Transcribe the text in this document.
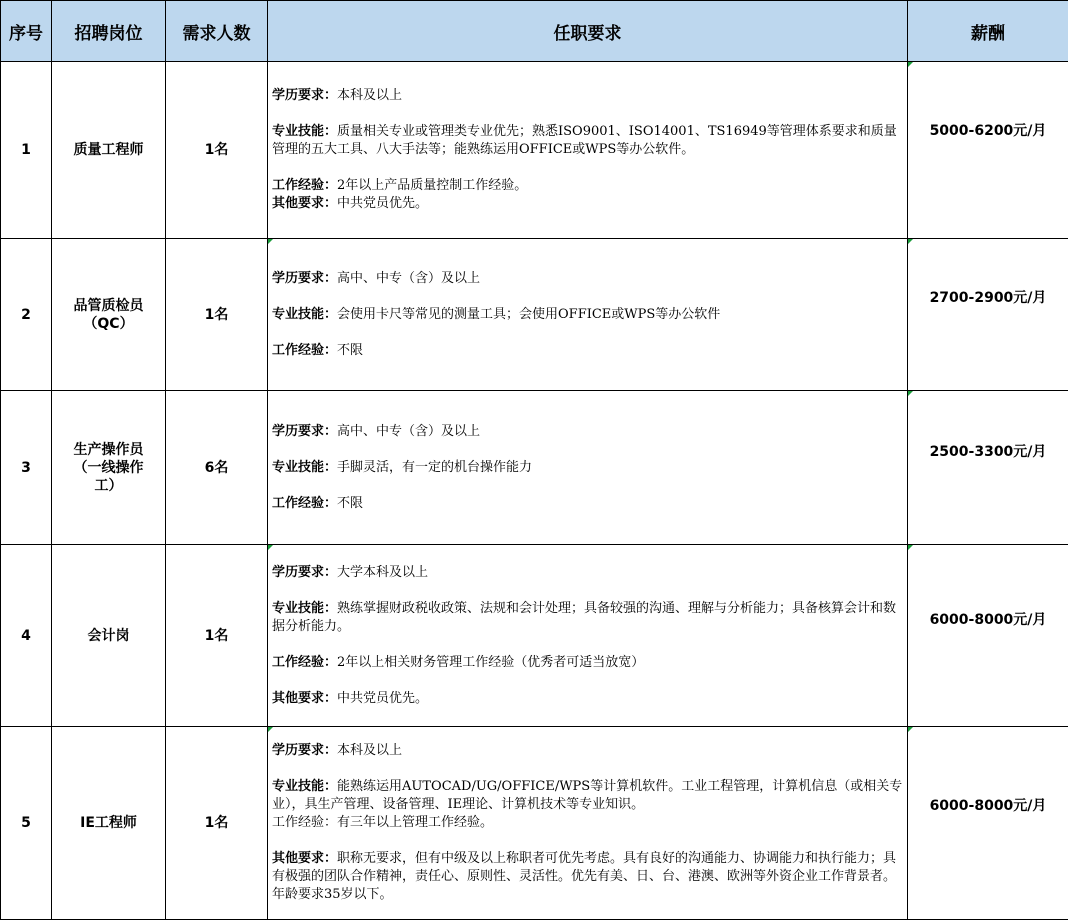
序号	招聘岗位	需求人数	任职要求	薪酬
1	质量工程师	1名	学历要求：本科及以上

专业技能：质量相关专业或管理类专业优先；熟悉ISO9001、ISO14001、TS16949等管理体系要求和质量管理的五大工具、八大手法等；能熟练运用OFFICE或WPS等办公软件。

工作经验：2年以上产品质量控制工作经验。

其他要求：中共党员优先。	5000-6200元/月

2	品管质检员（QC）	1名	学历要求：高中、中专（含）及以上

专业技能：会使用卡尺等常见的测量工具；会使用OFFICE或WPS等办公软件

工作经验：不限	2700-2900元/月

3	生产操作员（一线操作工）	6名	学历要求：高中、中专（含）及以上

专业技能：手脚灵活，有一定的机台操作能力

工作经验：不限	2500-3300元/月

4	会计岗	1名	学历要求：大学本科及以上

专业技能：熟练掌握财政税收政策、法规和会计处理；具备较强的沟通、理解与分析能力；具备核算会计和数据分析能力。

工作经验：2年以上相关财务管理工作经验（优秀者可适当放宽）

其他要求：中共党员优先。	6000-8000元/月

5	IE工程师	1名	学历要求：本科及以上

专业技能：能熟练运用AUTOCAD/UG/OFFICE/WPS等计算机软件。工业工程管理，计算机信息（或相关专业），具生产管理、设备管理、IE理论、计算机技术等专业知识。

工作经验：有三年以上管理工作经验。

其他要求：职称无要求，但有中级及以上称职者可优先考虑。具有良好的沟通能力、协调能力和执行能力；具有极强的团队合作精神，责任心、原则性、灵活性。优先有美、日、台、港澳、欧洲等外资企业工作背景者。年龄要求35岁以下。	6000-8000元/月
